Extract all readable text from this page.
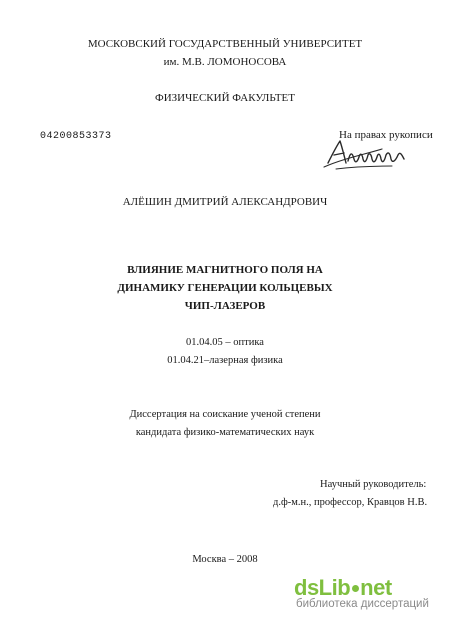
МОСКОВСКИЙ ГОСУДАРСТВЕННЫЙ УНИВЕРСИТЕТ
им. М.В. ЛОМОНОСОВА
ФИЗИЧЕСКИЙ ФАКУЛЬТЕТ
04200853373	На правах рукописи
АЛЁШИН ДМИТРИЙ АЛЕКСАНДРОВИЧ
ВЛИЯНИЕ МАГНИТНОГО ПОЛЯ НА
ДИНАМИКУ ГЕНЕРАЦИИ КОЛЬЦЕВЫХ
ЧИП-ЛАЗЕРОВ
01.04.05 – оптика
01.04.21–лазерная физика
Диссертация на соискание ученой степени
кандидата физико-математических наук
Научный руководитель:
д.ф-м.н., профессор, Кравцов Н.В.
Москва – 2008
dsLib net
библиотека диссертаций
